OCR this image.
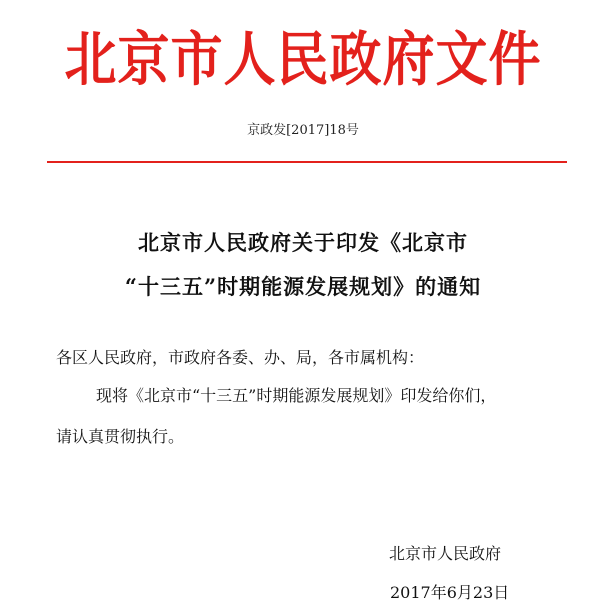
北京市人民政府文件
京政发[2017]18号
北京市人民政府关于印发《北京市
“十三五”时期能源发展规划》的通知
各区人民政府，市政府各委、办、局，各市属机构：
现将《北京市“十三五”时期能源发展规划》印发给你们，
请认真贯彻执行。
北京市人民政府
2017年6月23日
